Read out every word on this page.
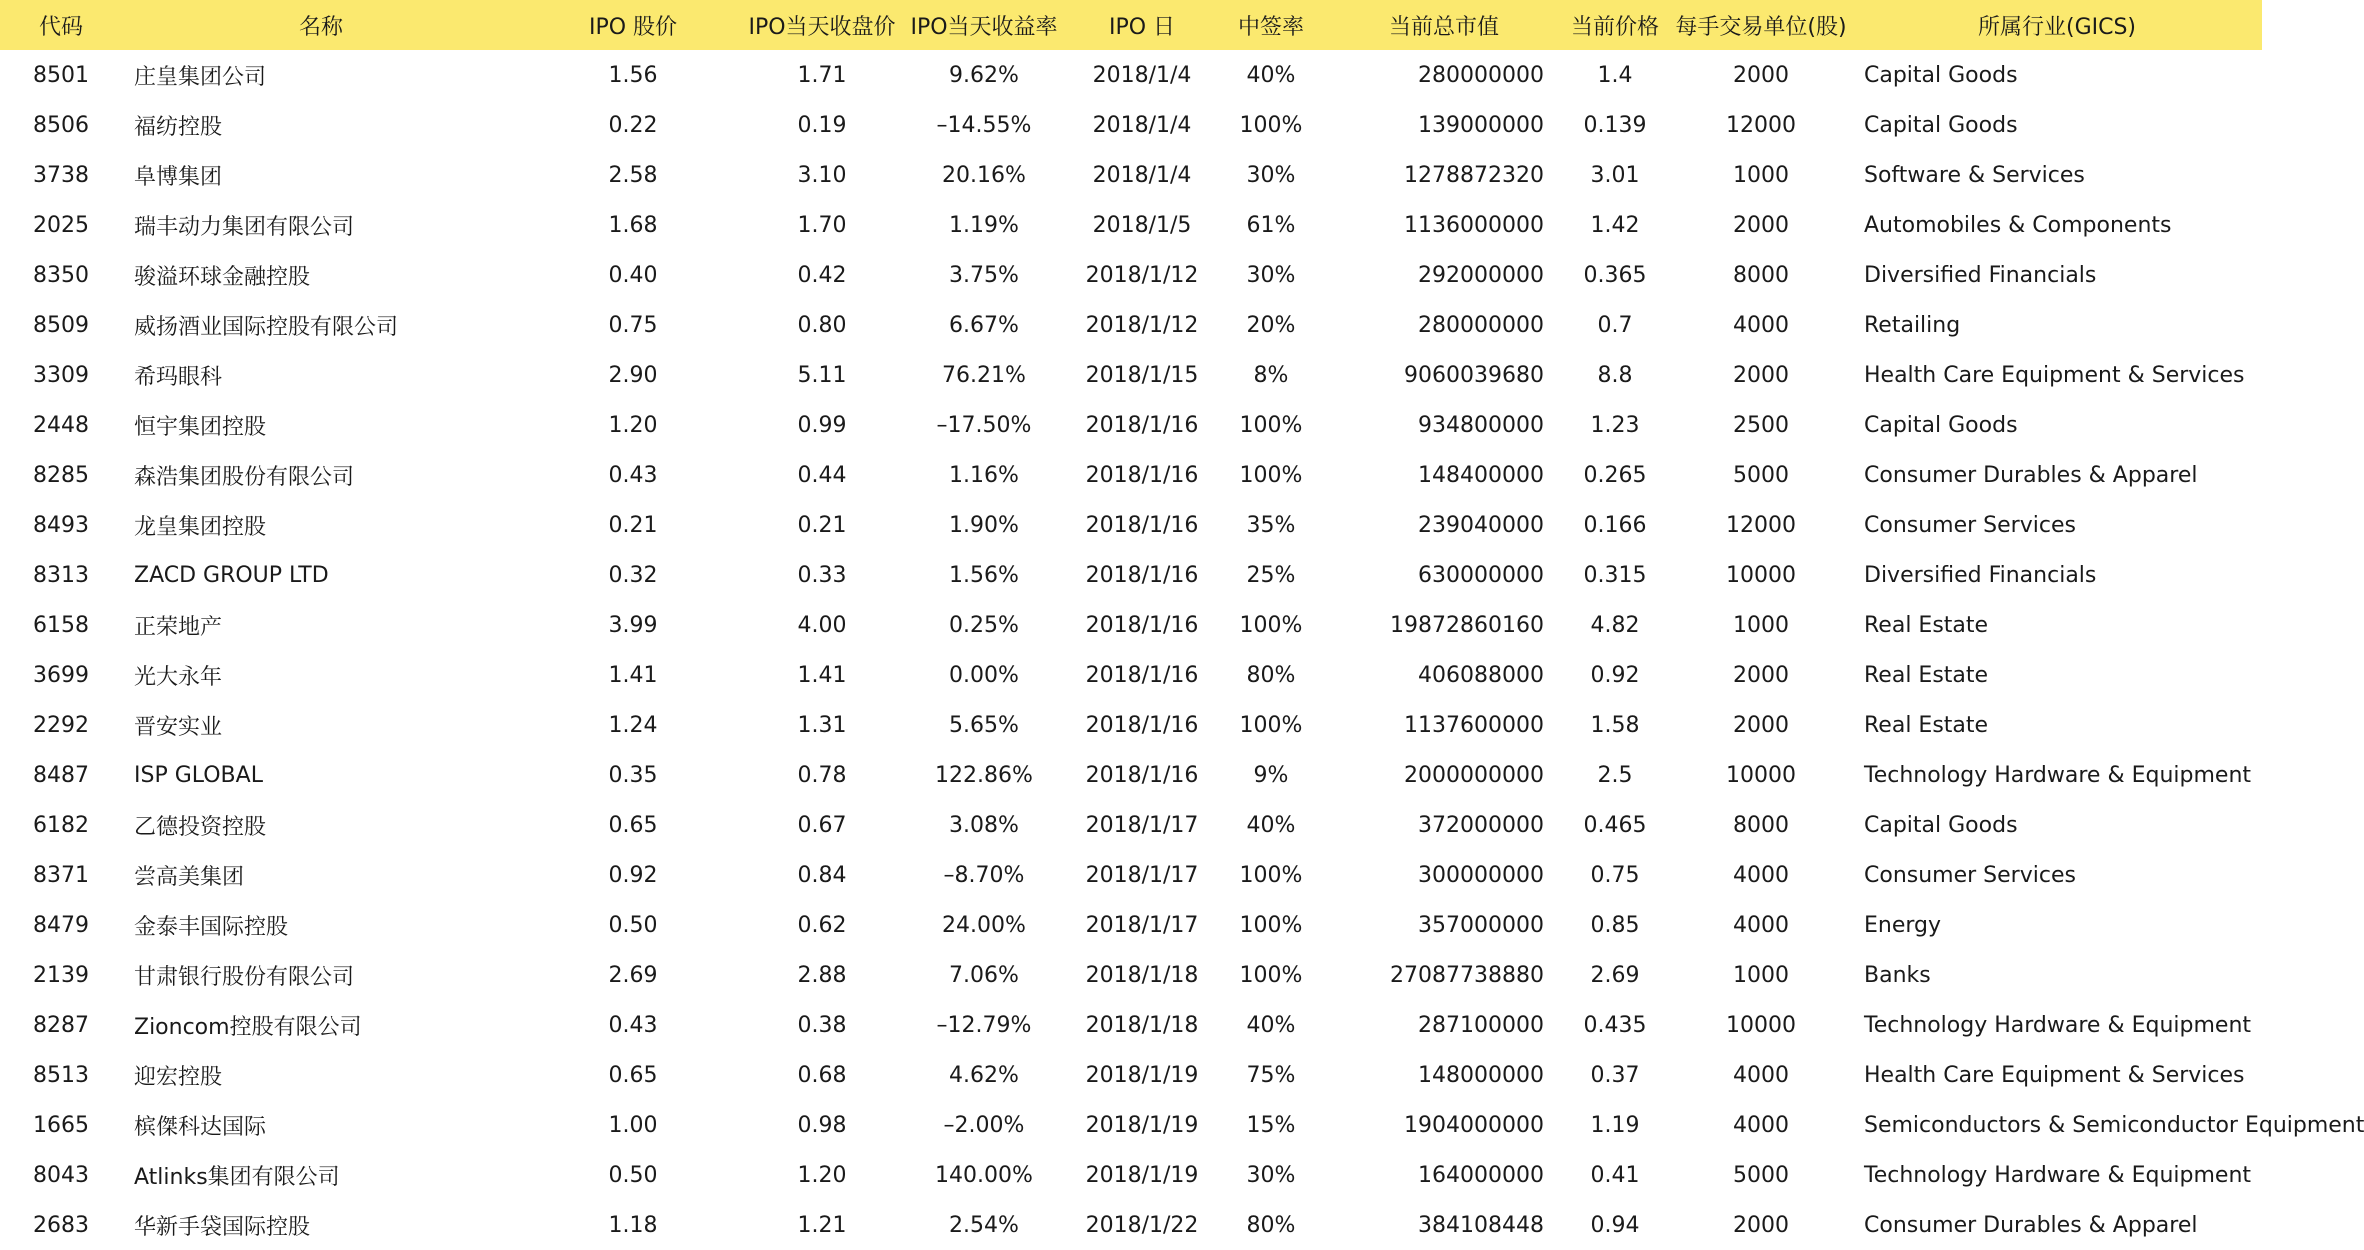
代码	名称	IPO 股价	IPO当天收盘价	IPO当天收益率	IPO 日	中签率	当前总市值	当前价格	每手交易单位(股)	所属行业(GICS)
8501	庄皇集团公司	1.56	1.71	9.62%	2018/1/4	40%	280000000	1.4	2000	Capital Goods
8506	福纺控股	0.22	0.19	–14.55%	2018/1/4	100%	139000000	0.139	12000	Capital Goods
3738	阜博集团	2.58	3.10	20.16%	2018/1/4	30%	1278872320	3.01	1000	Software & Services
2025	瑞丰动力集团有限公司	1.68	1.70	1.19%	2018/1/5	61%	1136000000	1.42	2000	Automobiles & Components
8350	骏溢环球金融控股	0.40	0.42	3.75%	2018/1/12	30%	292000000	0.365	8000	Diversified Financials
8509	威扬酒业国际控股有限公司	0.75	0.80	6.67%	2018/1/12	20%	280000000	0.7	4000	Retailing
3309	希玛眼科	2.90	5.11	76.21%	2018/1/15	8%	9060039680	8.8	2000	Health Care Equipment & Services
2448	恒宇集团控股	1.20	0.99	–17.50%	2018/1/16	100%	934800000	1.23	2500	Capital Goods
8285	森浩集团股份有限公司	0.43	0.44	1.16%	2018/1/16	100%	148400000	0.265	5000	Consumer Durables & Apparel
8493	龙皇集团控股	0.21	0.21	1.90%	2018/1/16	35%	239040000	0.166	12000	Consumer Services
8313	ZACD GROUP LTD	0.32	0.33	1.56%	2018/1/16	25%	630000000	0.315	10000	Diversified Financials
6158	正荣地产	3.99	4.00	0.25%	2018/1/16	100%	19872860160	4.82	1000	Real Estate
3699	光大永年	1.41	1.41	0.00%	2018/1/16	80%	406088000	0.92	2000	Real Estate
2292	晋安实业	1.24	1.31	5.65%	2018/1/16	100%	1137600000	1.58	2000	Real Estate
8487	ISP GLOBAL	0.35	0.78	122.86%	2018/1/16	9%	2000000000	2.5	10000	Technology Hardware & Equipment
6182	乙德投资控股	0.65	0.67	3.08%	2018/1/17	40%	372000000	0.465	8000	Capital Goods
8371	尝高美集团	0.92	0.84	–8.70%	2018/1/17	100%	300000000	0.75	4000	Consumer Services
8479	金泰丰国际控股	0.50	0.62	24.00%	2018/1/17	100%	357000000	0.85	4000	Energy
2139	甘肃银行股份有限公司	2.69	2.88	7.06%	2018/1/18	100%	27087738880	2.69	1000	Banks
8287	Zioncom控股有限公司	0.43	0.38	–12.79%	2018/1/18	40%	287100000	0.435	10000	Technology Hardware & Equipment
8513	迎宏控股	0.65	0.68	4.62%	2018/1/19	75%	148000000	0.37	4000	Health Care Equipment & Services
1665	槟傑科达国际	1.00	0.98	–2.00%	2018/1/19	15%	1904000000	1.19	4000	Semiconductors & Semiconductor Equipment
8043	Atlinks集团有限公司	0.50	1.20	140.00%	2018/1/19	30%	164000000	0.41	5000	Technology Hardware & Equipment
2683	华新手袋国际控股	1.18	1.21	2.54%	2018/1/22	80%	384108448	0.94	2000	Consumer Durables & Apparel
